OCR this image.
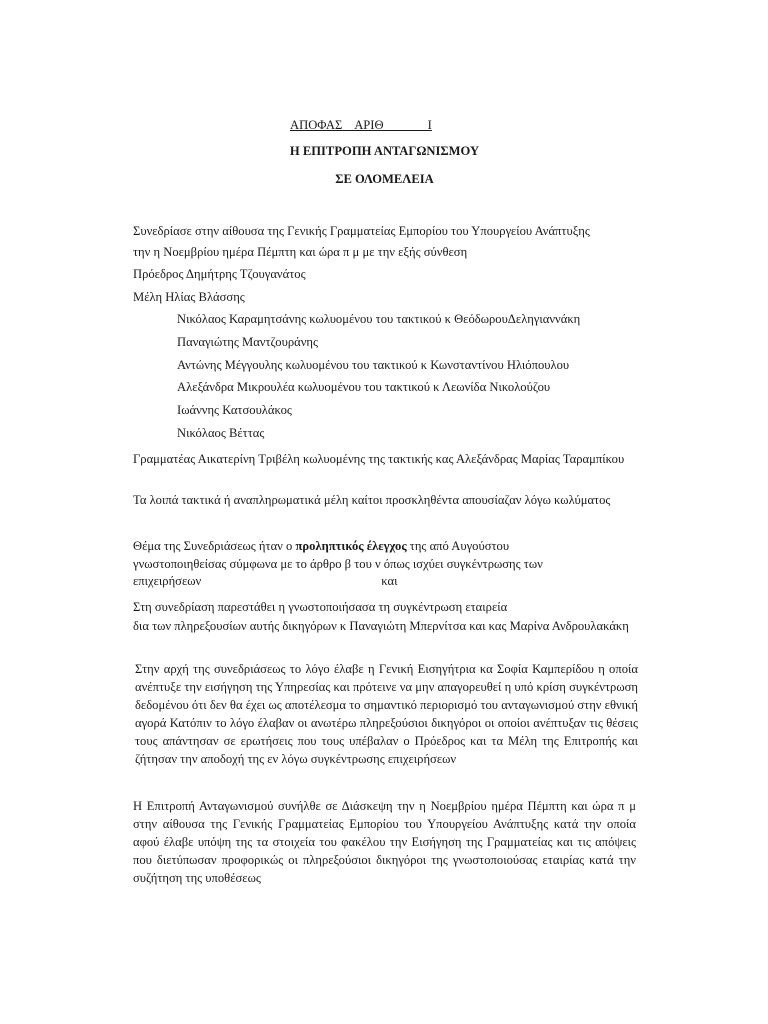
ΑΠΟΦΑΣ    ΑΡΙΘ              Ι
Η ΕΠΙΤΡΟΠΗ ΑΝΤΑΓΩΝΙΣΜΟΥ
ΣΕ ΟΛΟΜΕΛΕΙΑ
Συνεδρίασε στην αίθουσα της Γενικής Γραμματείας Εμπορίου του Υπουργείου Ανάπτυξης
την η Νοεμβρίου ημέρα Πέμπτη και ώρα π μ με την εξής σύνθεση
Πρόεδρος Δημήτρης Τζουγανάτος
Μέλη Ηλίας Βλάσσης
Νικόλαος Καραμητσάνης κωλυομένου του τακτικού κ ΘεόδωρουΔεληγιαννάκη
Παναγιώτης Μαντζουράνης
Αντώνης Μέγγουλης κωλυομένου του τακτικού κ Κωνσταντίνου Ηλιόπουλου
Αλεξάνδρα Μικρουλέα κωλυομένου του τακτικού κ Λεωνίδα Νικολούζου
Ιωάννης Κατσουλάκος
Νικόλαος Βέττας
Γραμματέας Αικατερίνη Τριβέλη κωλυομένης της τακτικής κας Αλεξάνδρας Μαρίας Ταραμπίκου
Τα λοιπά τακτικά ή αναπληρωματικά μέλη καίτοι προσκληθέντα απουσίαζαν λόγω κωλύματος
Θέμα της Συνεδριάσεως ήταν ο προληπτικός έλεγχος της από Αυγούστου
γνωστοποιηθείσας σύμφωνα με το άρθρο β του ν όπως ισχύει συγκέντρωσης των
επιχειρήσεων	και
Στη συνεδρίαση παρεστάθει η γνωστοποιήσασα τη συγκέντρωση εταιρεία
δια των πληρεξουσίων αυτής δικηγόρων κ Παναγιώτη Μπερνίτσα και κας Μαρίνα Ανδρουλακάκη
Στην αρχή της συνεδριάσεως το λόγο έλαβε η Γενική Εισηγήτρια κα Σοφία Καμπερίδου η οποία ανέπτυξε την εισήγηση της Υπηρεσίας και πρότεινε να μην απαγορευθεί η υπό κρίση συγκέντρωση δεδομένου ότι δεν θα έχει ως αποτέλεσμα το σημαντικό περιορισμό του ανταγωνισμού στην εθνική αγορά Κατόπιν το λόγο έλαβαν οι ανωτέρω πληρεξούσιοι δικηγόροι οι οποίοι ανέπτυξαν τις θέσεις τους απάντησαν σε ερωτήσεις που τους υπέβαλαν ο Πρόεδρος και τα Μέλη της Επιτροπής και ζήτησαν την αποδοχή της εν λόγω συγκέντρωσης επιχειρήσεων
Η Επιτροπή Ανταγωνισμού συνήλθε σε Διάσκεψη την η Νοεμβρίου ημέρα Πέμπτη και ώρα π μ στην αίθουσα της Γενικής Γραμματείας Εμπορίου του Υπουργείου Ανάπτυξης κατά την οποία αφού έλαβε υπόψη της τα στοιχεία του φακέλου την Εισήγηση της Γραμματείας και τις απόψεις που διετύπωσαν προφορικώς οι πληρεξούσιοι δικηγόροι της γνωστοποιούσας εταιρίας κατά την συζήτηση της υποθέσεως
